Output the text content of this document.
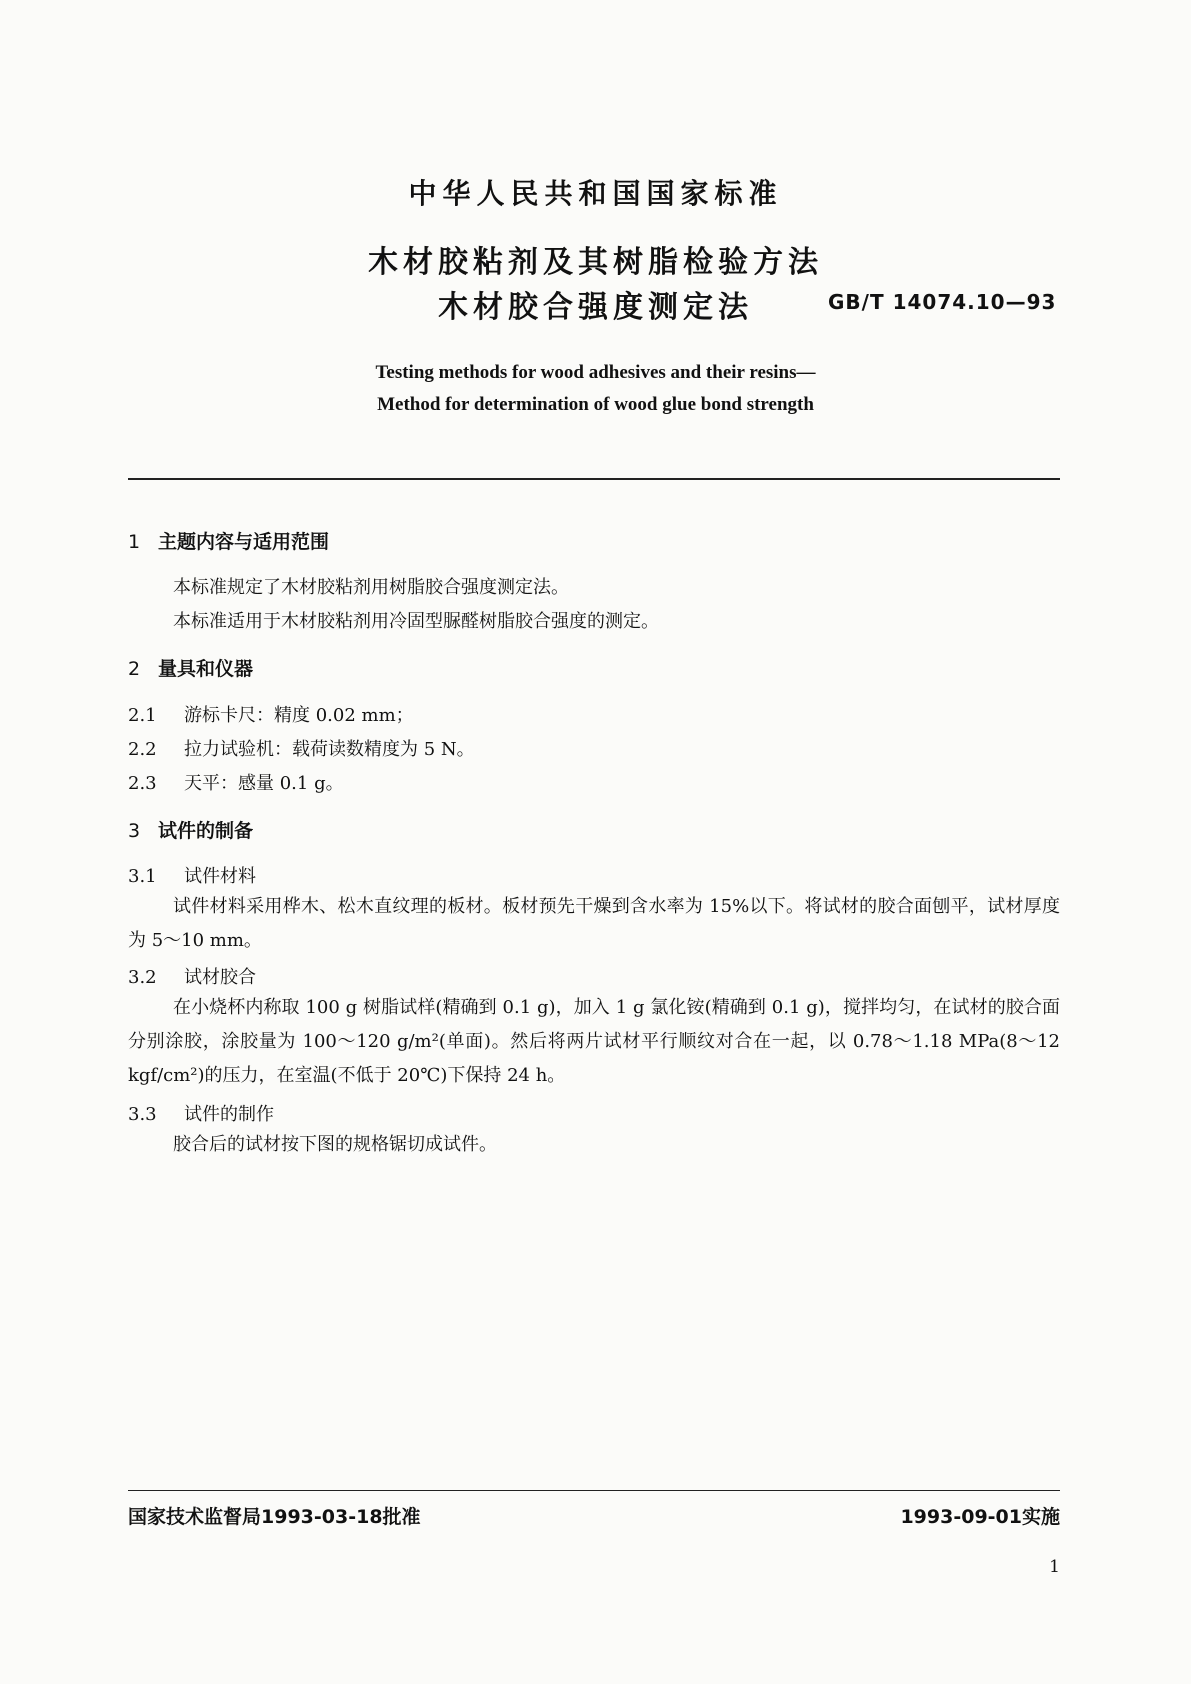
中华人民共和国国家标准
木材胶粘剂及其树脂检验方法
木材胶合强度测定法	GB/T 14074.10—93
Testing methods for wood adhesives and their resins—
Method for determination of wood glue bond strength
1 主题内容与适用范围
本标准规定了木材胶粘剂用树脂胶合强度测定法。
本标准适用于木材胶粘剂用冷固型脲醛树脂胶合强度的测定。
2 量具和仪器
2.1 游标卡尺：精度 0.02 mm；
2.2 拉力试验机：载荷读数精度为 5 N。
2.3 天平：感量 0.1 g。
3 试件的制备
3.1 试件材料
试件材料采用桦木、松木直纹理的板材。板材预先干燥到含水率为 15%以下。将试材的胶合面刨平，试材厚度为 5～10 mm。
3.2 试材胶合
在小烧杯内称取 100 g 树脂试样(精确到 0.1 g)，加入 1 g 氯化铵(精确到 0.1 g)，搅拌均匀，在试材的胶合面分别涂胶，涂胶量为 100～120 g/m²(单面)。然后将两片试材平行顺纹对合在一起，以 0.78～1.18 MPa(8～12 kgf/cm²)的压力，在室温(不低于 20℃)下保持 24 h。
3.3 试件的制作
胶合后的试材按下图的规格锯切成试件。
国家技术监督局1993-03-18批准	1993-09-01实施
1
